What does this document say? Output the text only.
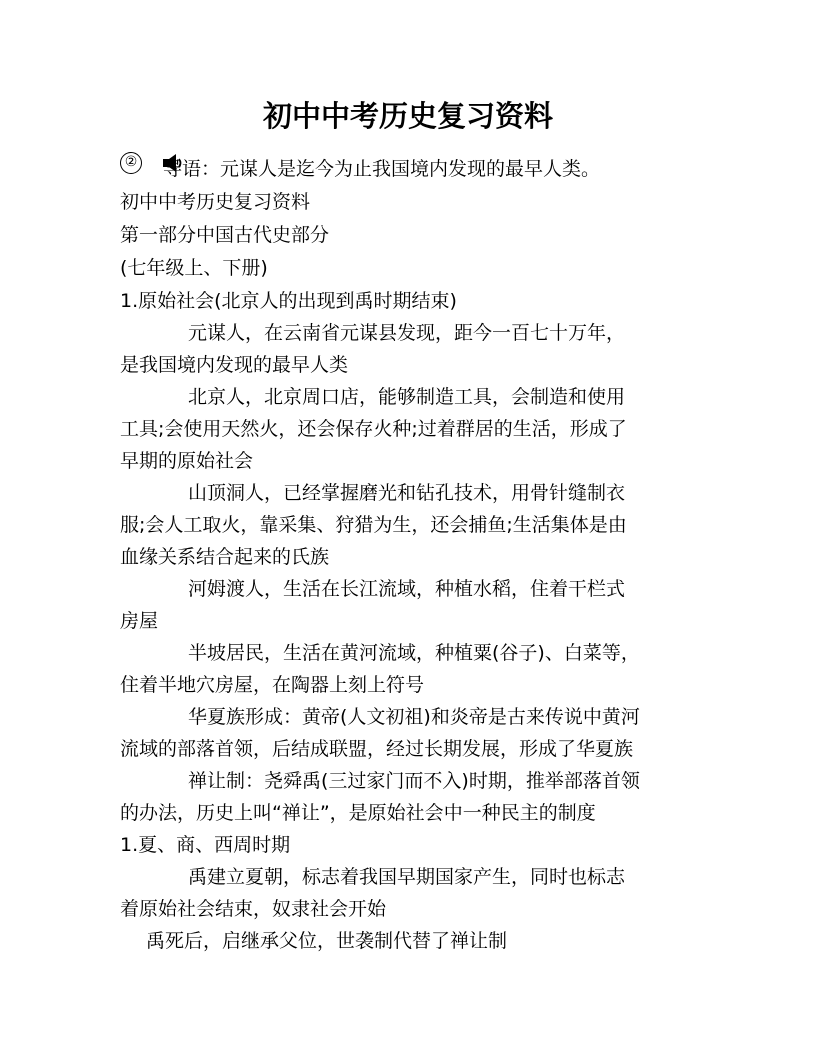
初中中考历史复习资料
② 导语：元谋人是迄今为止我国境内发现的最早人类。
初中中考历史复习资料
第一部分中国古代史部分
(七年级上、下册)
1.原始社会(北京人的出现到禹时期结束)
元谋人，在云南省元谋县发现，距今一百七十万年，
是我国境内发现的最早人类
北京人，北京周口店，能够制造工具，会制造和使用
工具;会使用天然火，还会保存火种;过着群居的生活，形成了
早期的原始社会
山顶洞人，已经掌握磨光和钻孔技术，用骨针缝制衣
服;会人工取火，靠采集、狩猎为生，还会捕鱼;生活集体是由
血缘关系结合起来的氏族
河姆渡人，生活在长江流域，种植水稻，住着干栏式
房屋
半坡居民，生活在黄河流域，种植粟(谷子)、白菜等，
住着半地穴房屋，在陶器上刻上符号
华夏族形成：黄帝(人文初祖)和炎帝是古来传说中黄河
流域的部落首领，后结成联盟，经过长期发展，形成了华夏族
禅让制：尧舜禹(三过家门而不入)时期，推举部落首领
的办法，历史上叫“禅让”，是原始社会中一种民主的制度
1.夏、商、西周时期
禹建立夏朝，标志着我国早期国家产生，同时也标志
着原始社会结束，奴隶社会开始
禹死后，启继承父位，世袭制代替了禅让制
